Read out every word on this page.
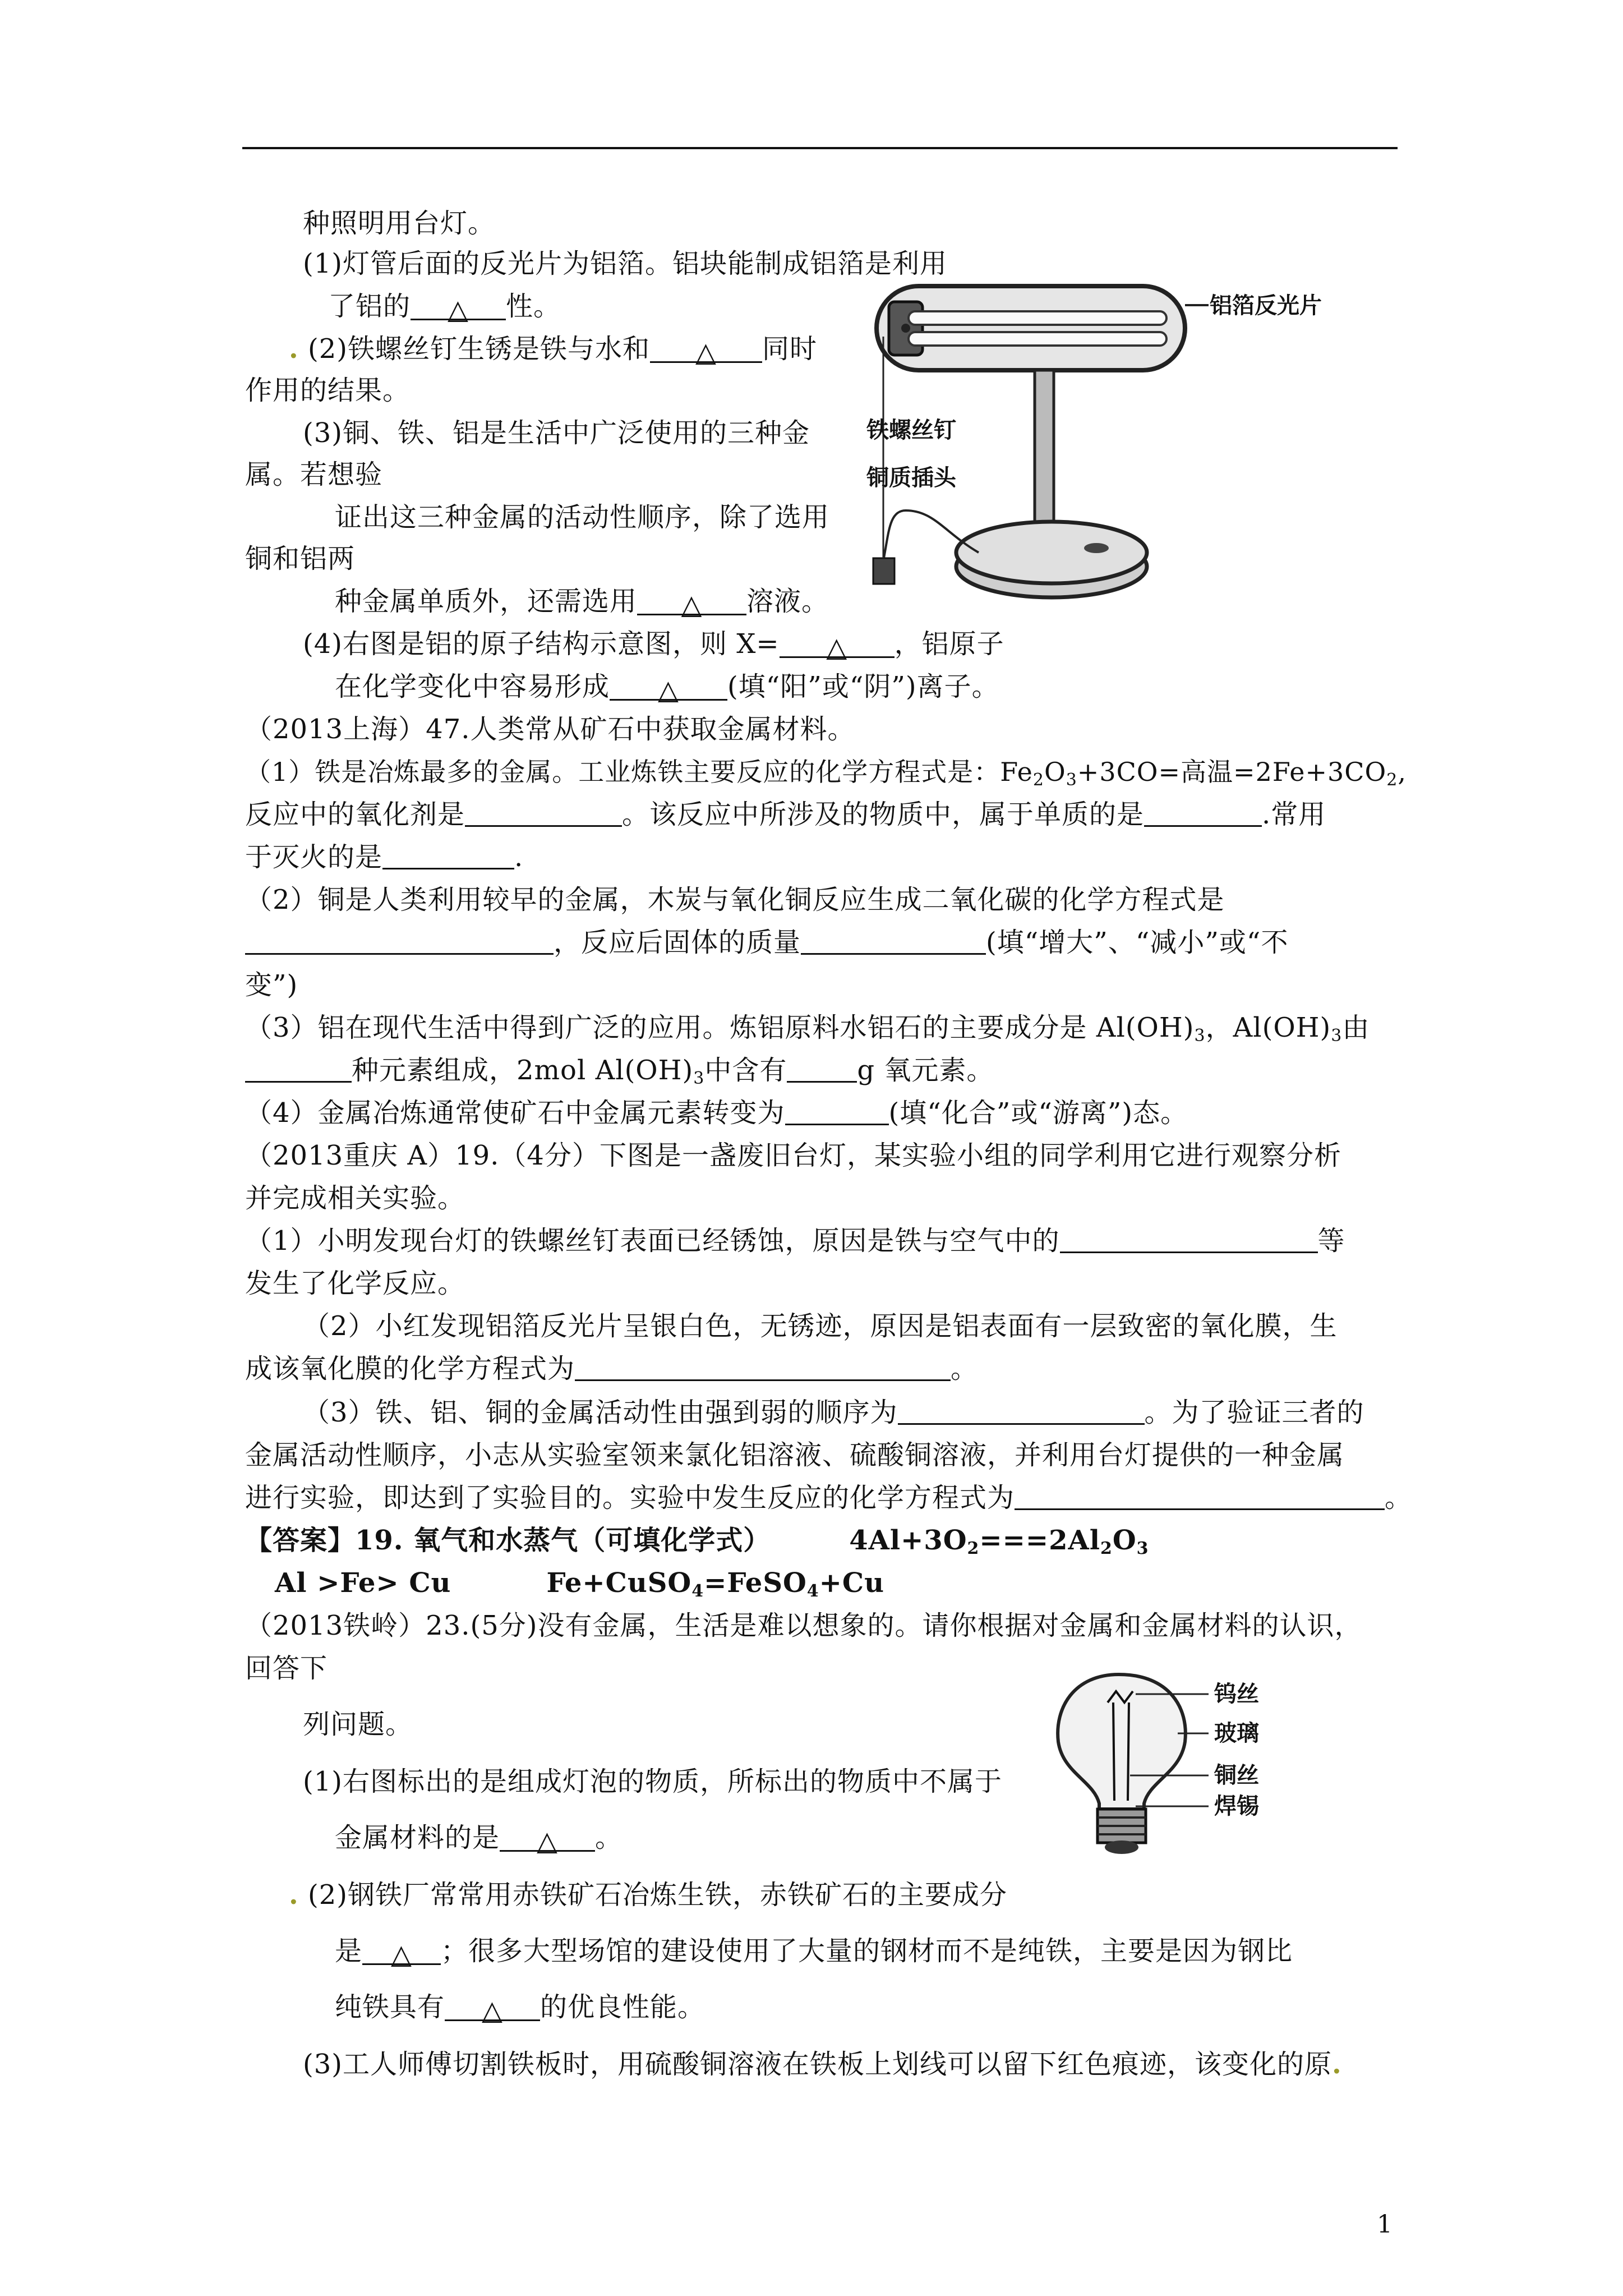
种照明用台灯。
(1)灯管后面的反光片为铝箔。铝块能制成铝箔是利用
了铝的 △ 性。
. (2)铁螺丝钉生锈是铁与水和 △ 同时
作用的结果。
(3)铜、铁、铝是生活中广泛使用的三种金
属。若想验
证出这三种金属的活动性顺序，除了选用
铜和铝两
种金属单质外，还需选用 △ 溶液。
(4)右图是铝的原子结构示意图，则 X= △ ，铝原子
在化学变化中容易形成 △ (填“阳”或“阴”)离子。
（2013上海）47.人类常从矿石中获取金属材料。
（1）铁是冶炼最多的金属。工业炼铁主要反应的化学方程式是：$Fe_2O_3+3CO=$高温$=2Fe+3CO_2$,
反应中的氧化剂是	。该反应中所涉及的物质中，属于单质的是	.常用
于灭火的是	.
（2）铜是人类利用较早的金属，木炭与氧化铜反应生成二氧化碳的化学方程式是
，反应后固体的质量	(填“增大”、“减小”或“不
变”)
（3）铝在现代生活中得到广泛的应用。炼铝原料水铝石的主要成分是 $Al(OH)_3$，$Al(OH)_3$由
种元素组成，2mol $Al(OH)_3$中含有	g 氧元素。
（4）金属冶炼通常使矿石中金属元素转变为	(填“化合”或“游离”)态。
（2013重庆 A）19.（4分）下图是一盏废旧台灯，某实验小组的同学利用它进行观察分析
并完成相关实验。
（1）小明发现台灯的铁螺丝钉表面已经锈蚀，原因是铁与空气中的	等
发生了化学反应。
（2）小红发现铝箔反光片呈银白色，无锈迹，原因是铝表面有一层致密的氧化膜，生
成该氧化膜的化学方程式为	。
（3）铁、铝、铜的金属活动性由强到弱的顺序为	。为了验证三者的
金属活动性顺序，小志从实验室领来氯化铝溶液、硫酸铜溶液，并利用台灯提供的一种金属
进行实验，即达到了实验目的。实验中发生反应的化学方程式为	。
【答案】19. 氧气和水蒸气（可填化学式）	$4Al+3O_2===2Al_2O_3$
Al >Fe> Cu	Fe+CuSO$_4$=FeSO$_4$+Cu
（2013铁岭）23.(5分)没有金属，生活是难以想象的。请你根据对金属和金属材料的认识，
回答下
列问题。
(1)右图标出的是组成灯泡的物质，所标出的物质中不属于
金属材料的是 △ 。
. (2)钢铁厂常常用赤铁矿石冶炼生铁，赤铁矿石的主要成分
是 △ ；很多大型场馆的建设使用了大量的钢材而不是纯铁，主要是因为钢比
纯铁具有 △ 的优良性能。
(3)工人师傅切割铁板时，用硫酸铜溶液在铁板上划线可以留下红色痕迹，该变化的原.
铝箔反光片
铁螺丝钉
铜质插头
钨丝
玻璃
铜丝
焊锡
1
